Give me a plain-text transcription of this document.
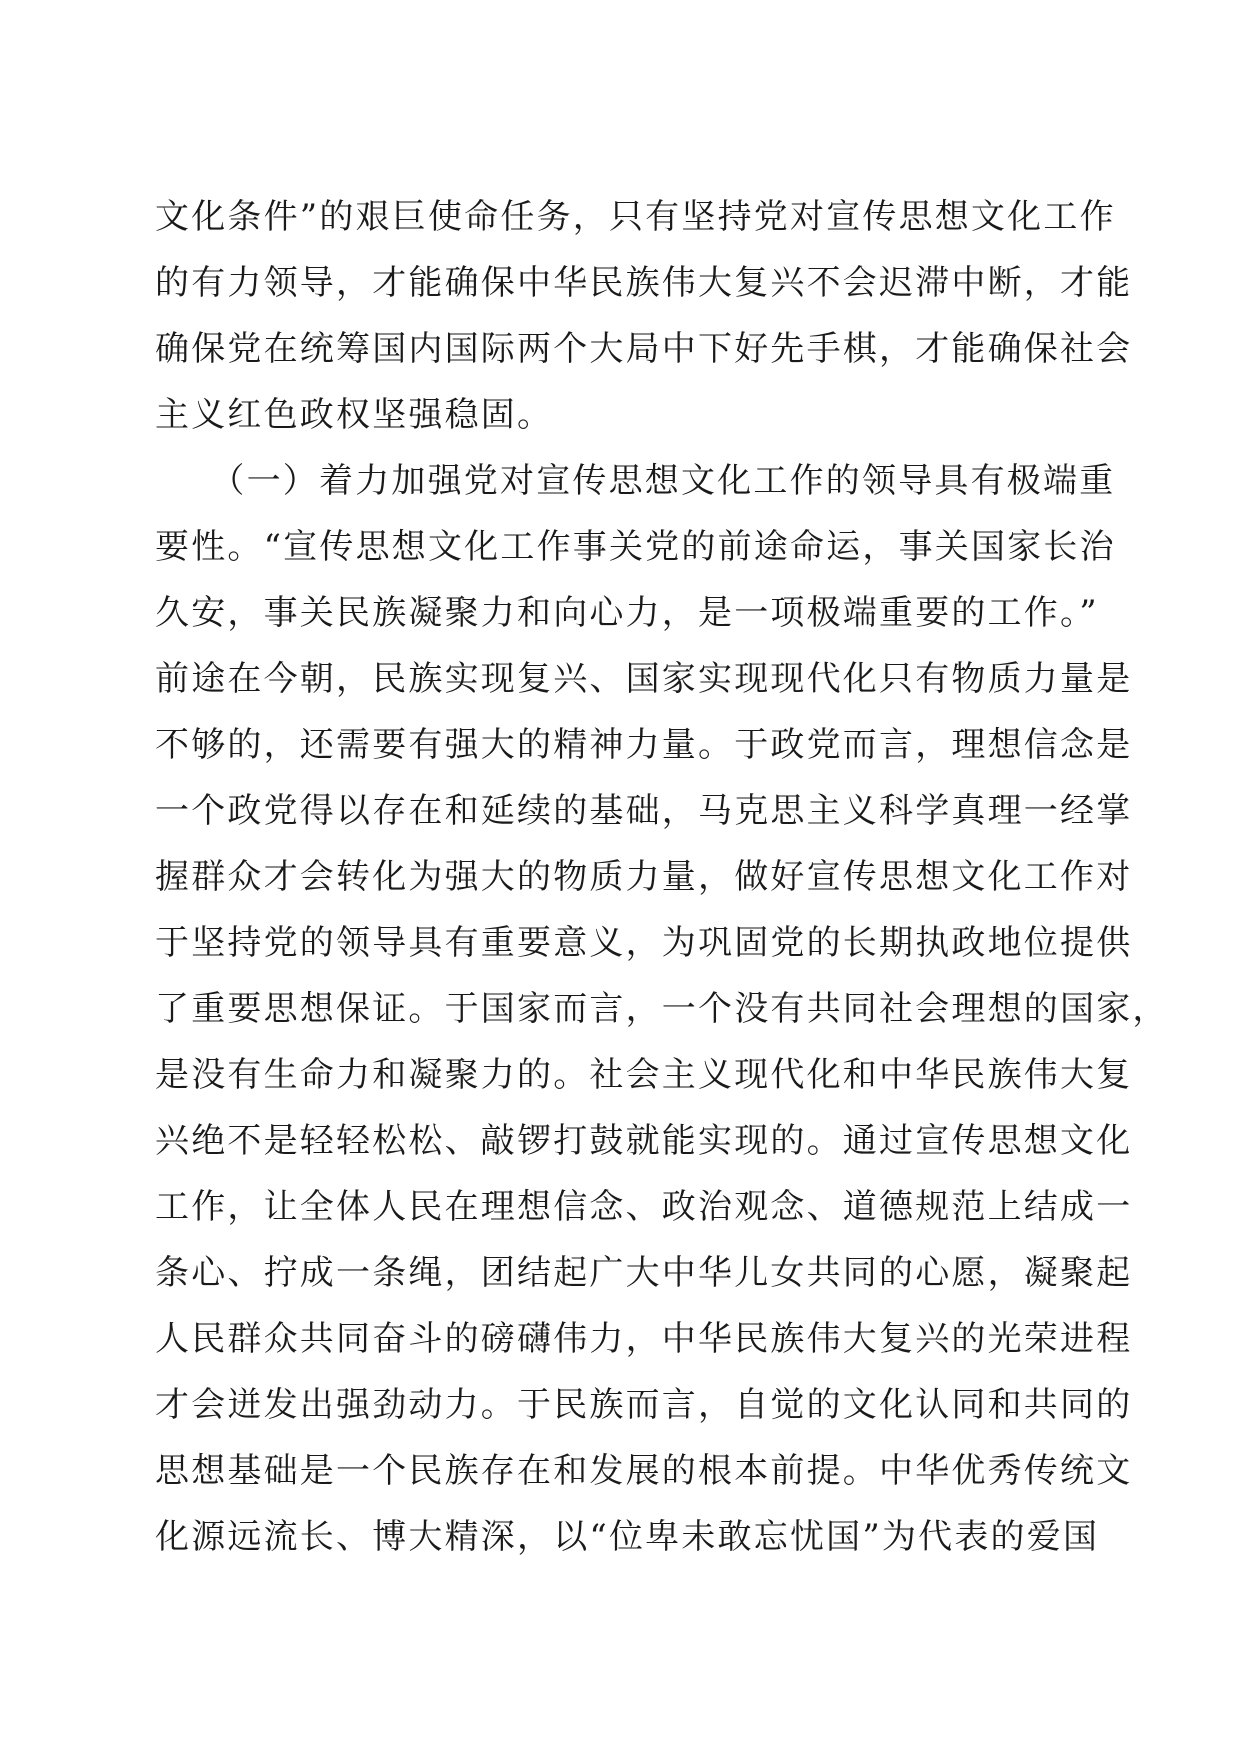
文化条件”的艰巨使命任务，只有坚持党对宣传思想文化工作
的有力领导，才能确保中华民族伟大复兴不会迟滞中断，才能
确保党在统筹国内国际两个大局中下好先手棋，才能确保社会
主义红色政权坚强稳固。
　　（一）着力加强党对宣传思想文化工作的领导具有极端重
要性。“宣传思想文化工作事关党的前途命运，事关国家长治
久安，事关民族凝聚力和向心力，是一项极端重要的工作。”
前途在今朝，民族实现复兴、国家实现现代化只有物质力量是
不够的，还需要有强大的精神力量。于政党而言，理想信念是
一个政党得以存在和延续的基础，马克思主义科学真理一经掌
握群众才会转化为强大的物质力量，做好宣传思想文化工作对
于坚持党的领导具有重要意义，为巩固党的长期执政地位提供
了重要思想保证。于国家而言，一个没有共同社会理想的国家，
是没有生命力和凝聚力的。社会主义现代化和中华民族伟大复
兴绝不是轻轻松松、敲锣打鼓就能实现的。通过宣传思想文化
工作，让全体人民在理想信念、政治观念、道德规范上结成一
条心、拧成一条绳，团结起广大中华儿女共同的心愿，凝聚起
人民群众共同奋斗的磅礴伟力，中华民族伟大复兴的光荣进程
才会迸发出强劲动力。于民族而言，自觉的文化认同和共同的
思想基础是一个民族存在和发展的根本前提。中华优秀传统文
化源远流长、博大精深，以“位卑未敢忘忧国”为代表的爱国
